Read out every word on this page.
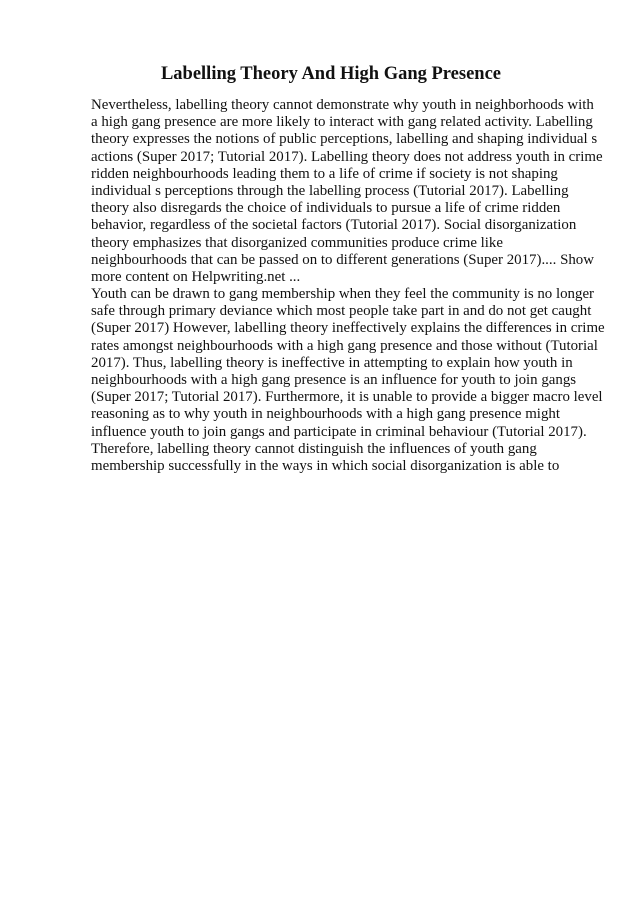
Labelling Theory And High Gang Presence
Nevertheless, labelling theory cannot demonstrate why youth in neighborhoods with
a high gang presence are more likely to interact with gang related activity. Labelling
theory expresses the notions of public perceptions, labelling and shaping individual s
actions (Super 2017; Tutorial 2017). Labelling theory does not address youth in crime
ridden neighbourhoods leading them to a life of crime if society is not shaping
individual s perceptions through the labelling process (Tutorial 2017). Labelling
theory also disregards the choice of individuals to pursue a life of crime ridden
behavior, regardless of the societal factors (Tutorial 2017). Social disorganization
theory emphasizes that disorganized communities produce crime like
neighbourhoods that can be passed on to different generations (Super 2017).... Show
more content on Helpwriting.net ...
Youth can be drawn to gang membership when they feel the community is no longer
safe through primary deviance which most people take part in and do not get caught
(Super 2017) However, labelling theory ineffectively explains the differences in crime
rates amongst neighbourhoods with a high gang presence and those without (Tutorial
2017). Thus, labelling theory is ineffective in attempting to explain how youth in
neighbourhoods with a high gang presence is an influence for youth to join gangs
(Super 2017; Tutorial 2017). Furthermore, it is unable to provide a bigger macro level
reasoning as to why youth in neighbourhoods with a high gang presence might
influence youth to join gangs and participate in criminal behaviour (Tutorial 2017).
Therefore, labelling theory cannot distinguish the influences of youth gang
membership successfully in the ways in which social disorganization is able to
